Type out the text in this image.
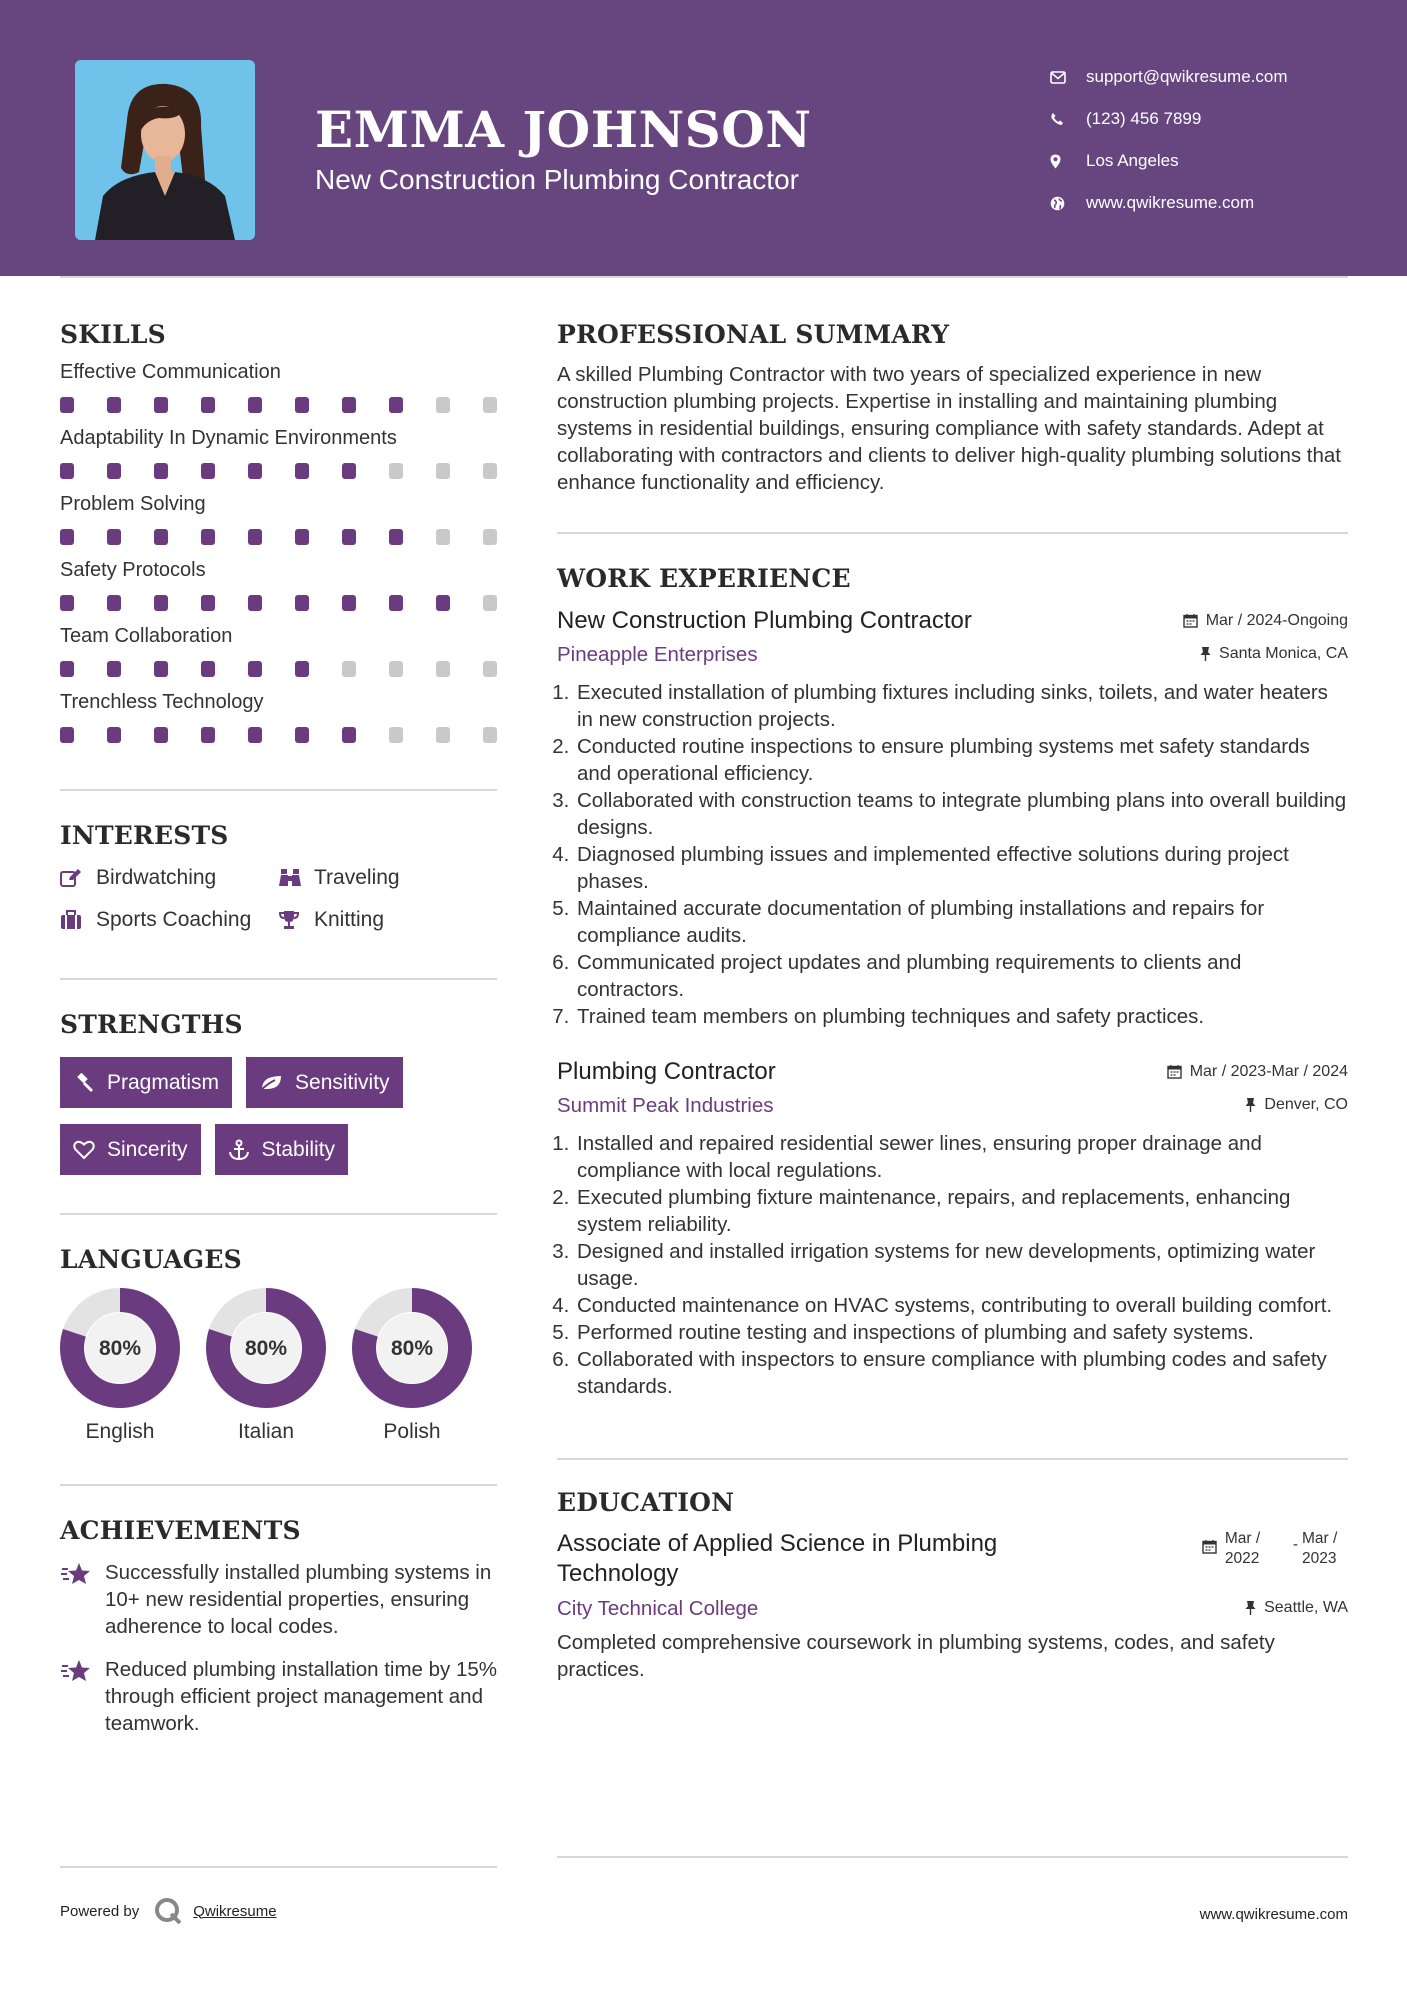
EMMA JOHNSON
New Construction Plumbing Contractor
support@qwikresume.com
(123) 456 7899
Los Angeles
www.qwikresume.com
SKILLS
Effective Communication
Adaptability In Dynamic Environments
Problem Solving
Safety Protocols
Team Collaboration
Trenchless Technology
INTERESTS
Birdwatching	Traveling
Sports Coaching	Knitting
STRENGTHS
Pragmatism	Sensitivity
Sincerity	Stability
LANGUAGES
80%
English
80%
Italian
80%
Polish
ACHIEVEMENTS
Successfully installed plumbing systems in 10+ new residential properties, ensuring adherence to local codes.
Reduced plumbing installation time by 15% through efficient project management and teamwork.
PROFESSIONAL SUMMARY

A skilled Plumbing Contractor with two years of specialized experience in new construction plumbing projects. Expertise in installing and maintaining plumbing systems in residential buildings, ensuring compliance with safety standards. Adept at collaborating with contractors and clients to deliver high-quality plumbing solutions that enhance functionality and efficiency.

WORK EXPERIENCE
New Construction Plumbing Contractor	Mar / 2024-Ongoing
Pineapple Enterprises	Santa Monica, CA
1. Executed installation of plumbing fixtures including sinks, toilets, and water heaters in new construction projects.
2. Conducted routine inspections to ensure plumbing systems met safety standards and operational efficiency.
3. Collaborated with construction teams to integrate plumbing plans into overall building designs.
4. Diagnosed plumbing issues and implemented effective solutions during project phases.
5. Maintained accurate documentation of plumbing installations and repairs for compliance audits.
6. Communicated project updates and plumbing requirements to clients and contractors.
7. Trained team members on plumbing techniques and safety practices.
Plumbing Contractor	Mar / 2023-Mar / 2024
Summit Peak Industries	Denver, CO
1. Installed and repaired residential sewer lines, ensuring proper drainage and compliance with local regulations.
2. Executed plumbing fixture maintenance, repairs, and replacements, enhancing system reliability.
3. Designed and installed irrigation systems for new developments, optimizing water usage.
4. Conducted maintenance on HVAC systems, contributing to overall building comfort.
5. Performed routine testing and inspections of plumbing and safety systems.
6. Collaborated with inspectors to ensure compliance with plumbing codes and safety standards.
EDUCATION
Associate of Applied Science in Plumbing Technology
Mar / 2022
- Mar / 2023
City Technical College	Seattle, WA

Completed comprehensive coursework in plumbing systems, codes, and safety practices.

Powered by	Qwikresume	www.qwikresume.com
